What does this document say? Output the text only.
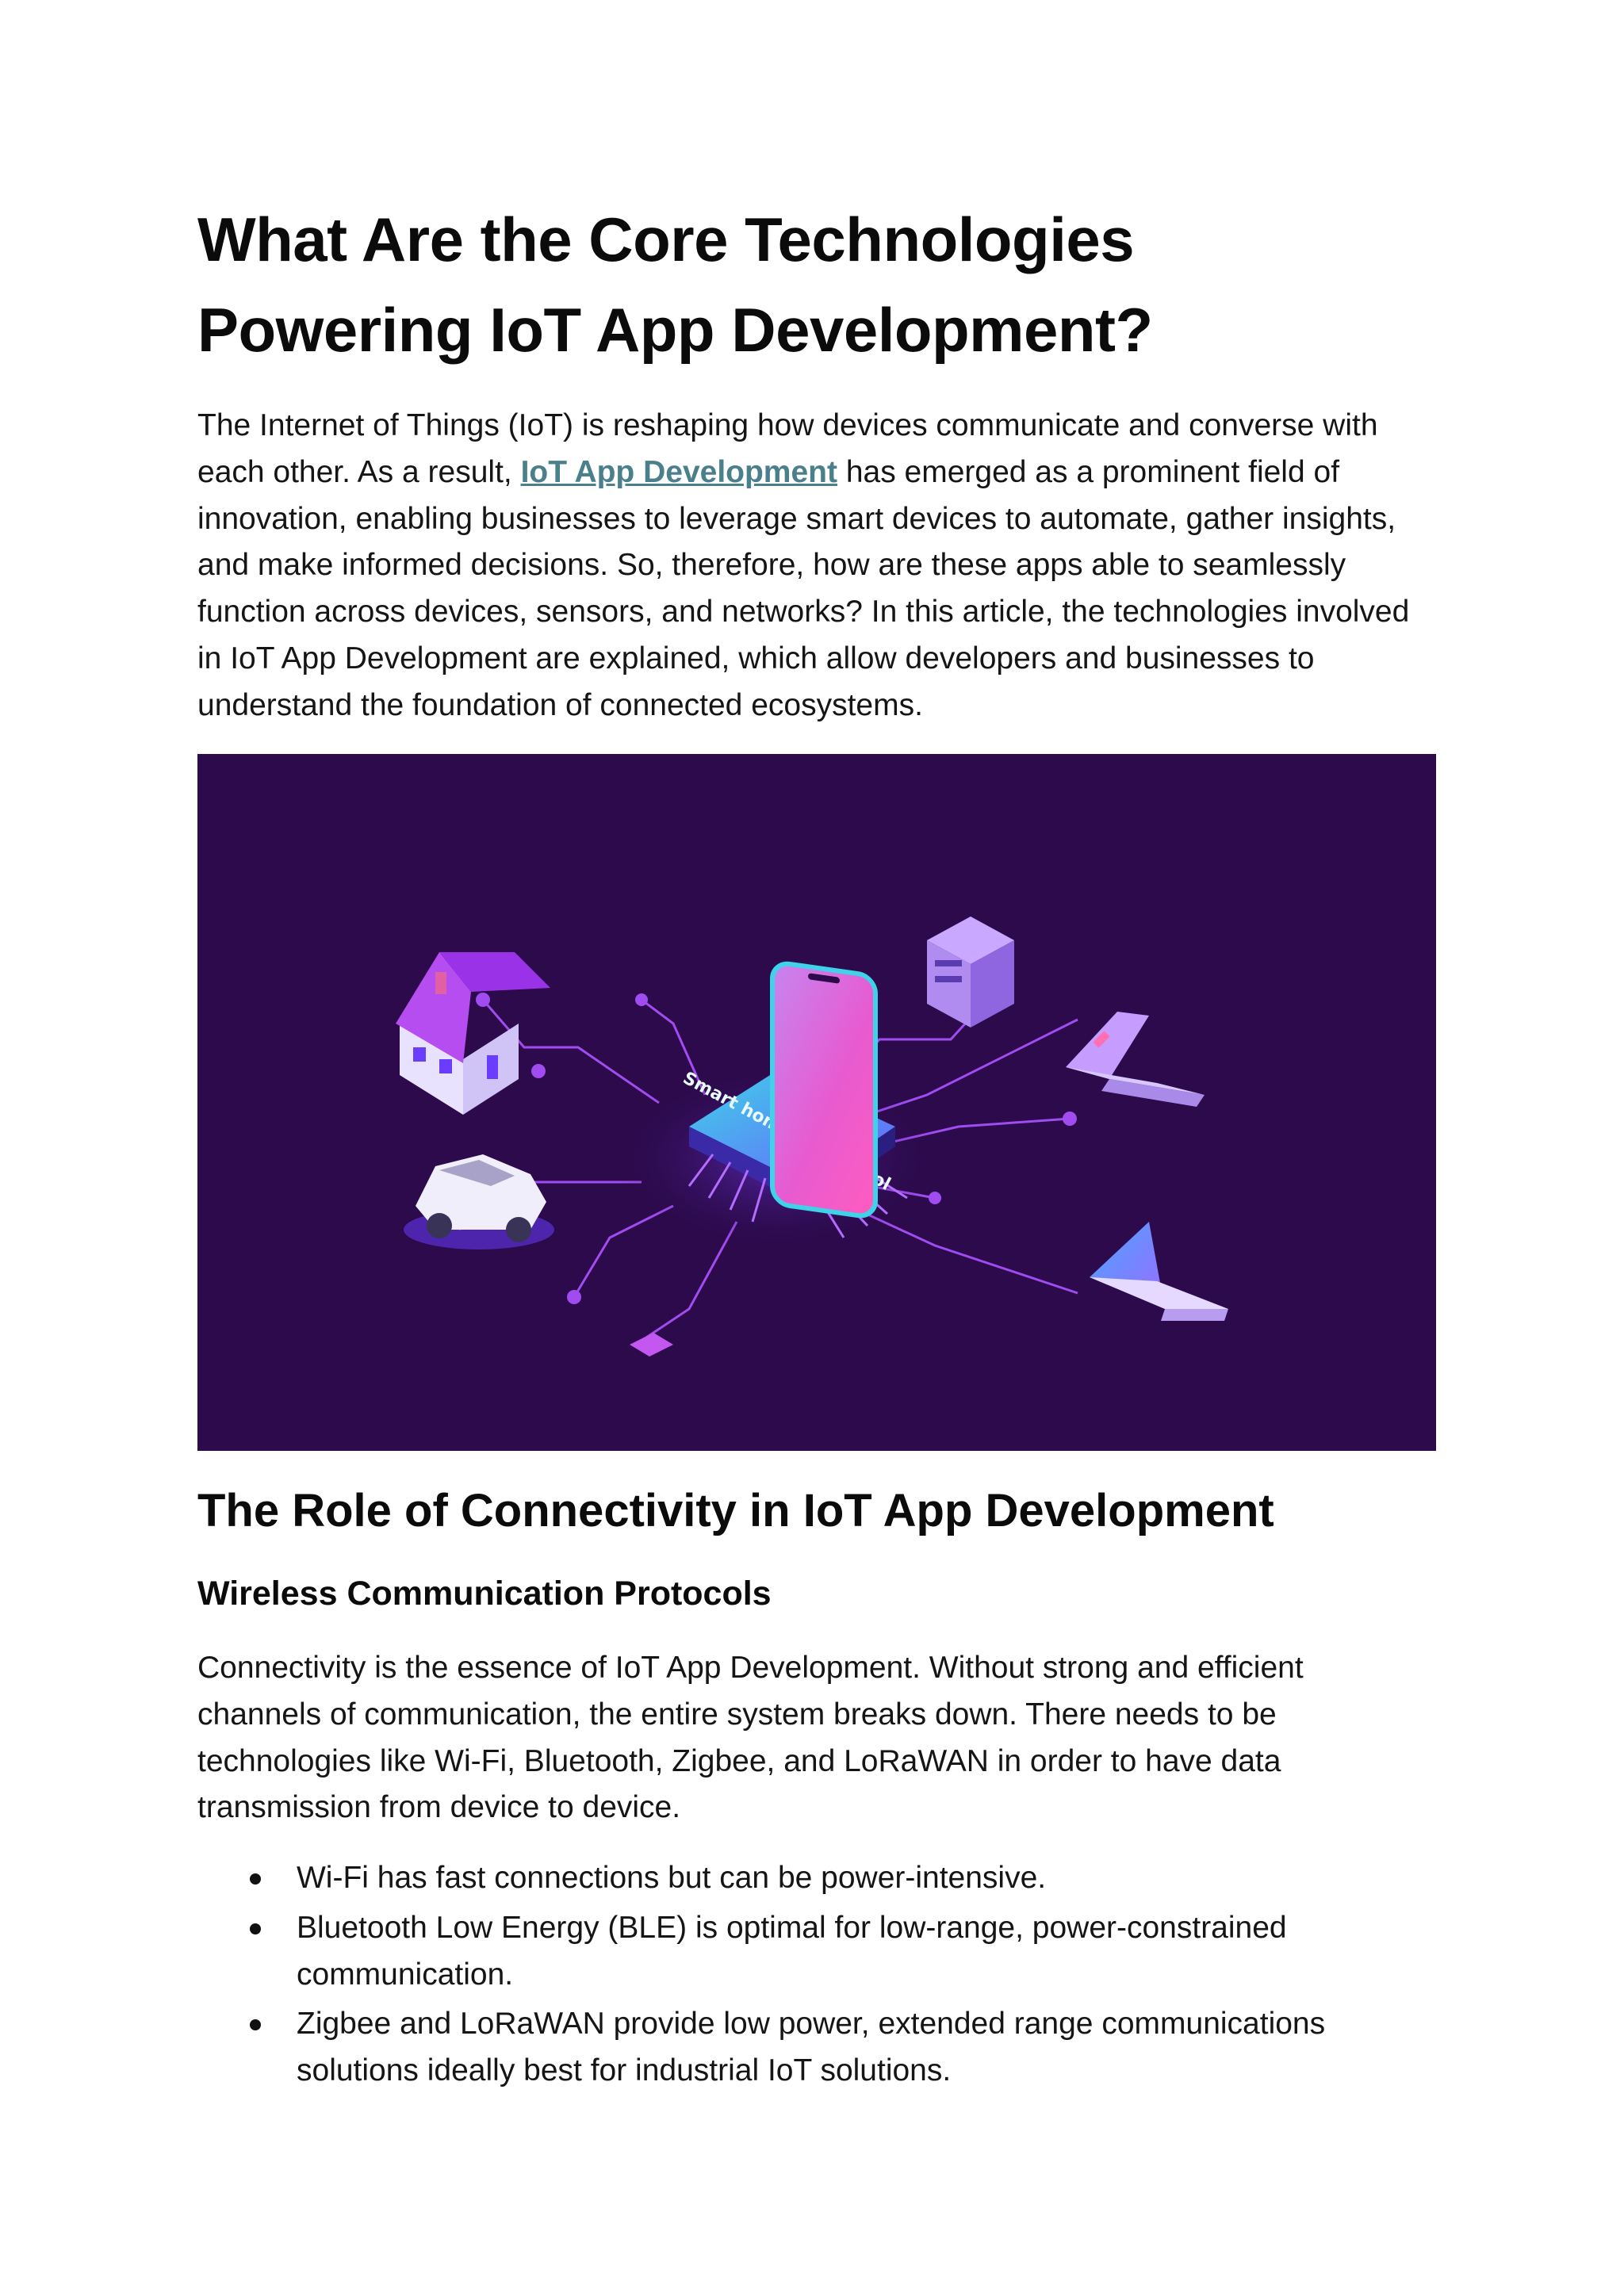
What Are the Core Technologies
Powering IoT App Development?

The Internet of Things (IoT) is reshaping how devices communicate and converse with each other. As a result, IoT App Development has emerged as a prominent field of innovation, enabling businesses to leverage smart devices to automate, gather insights, and make informed decisions. So, therefore, how are these apps able to seamlessly function across devices, sensors, and networks? In this article, the technologies involved in IoT App Development are explained, which allow developers and businesses to understand the foundation of connected ecosystems.

Smart home
The Role of Connectivity in IoT App Development
Wireless Communication Protocols

Connectivity is the essence of IoT App Development. Without strong and efficient channels of communication, the entire system breaks down. There needs to be technologies like Wi-Fi, Bluetooth, Zigbee, and LoRaWAN in order to have data transmission from device to device.

Wi-Fi has fast connections but can be power-intensive.
Bluetooth Low Energy (BLE) is optimal for low-range, power-constrained communication.
Zigbee and LoRaWAN provide low power, extended range communications solutions ideally best for industrial IoT solutions.
